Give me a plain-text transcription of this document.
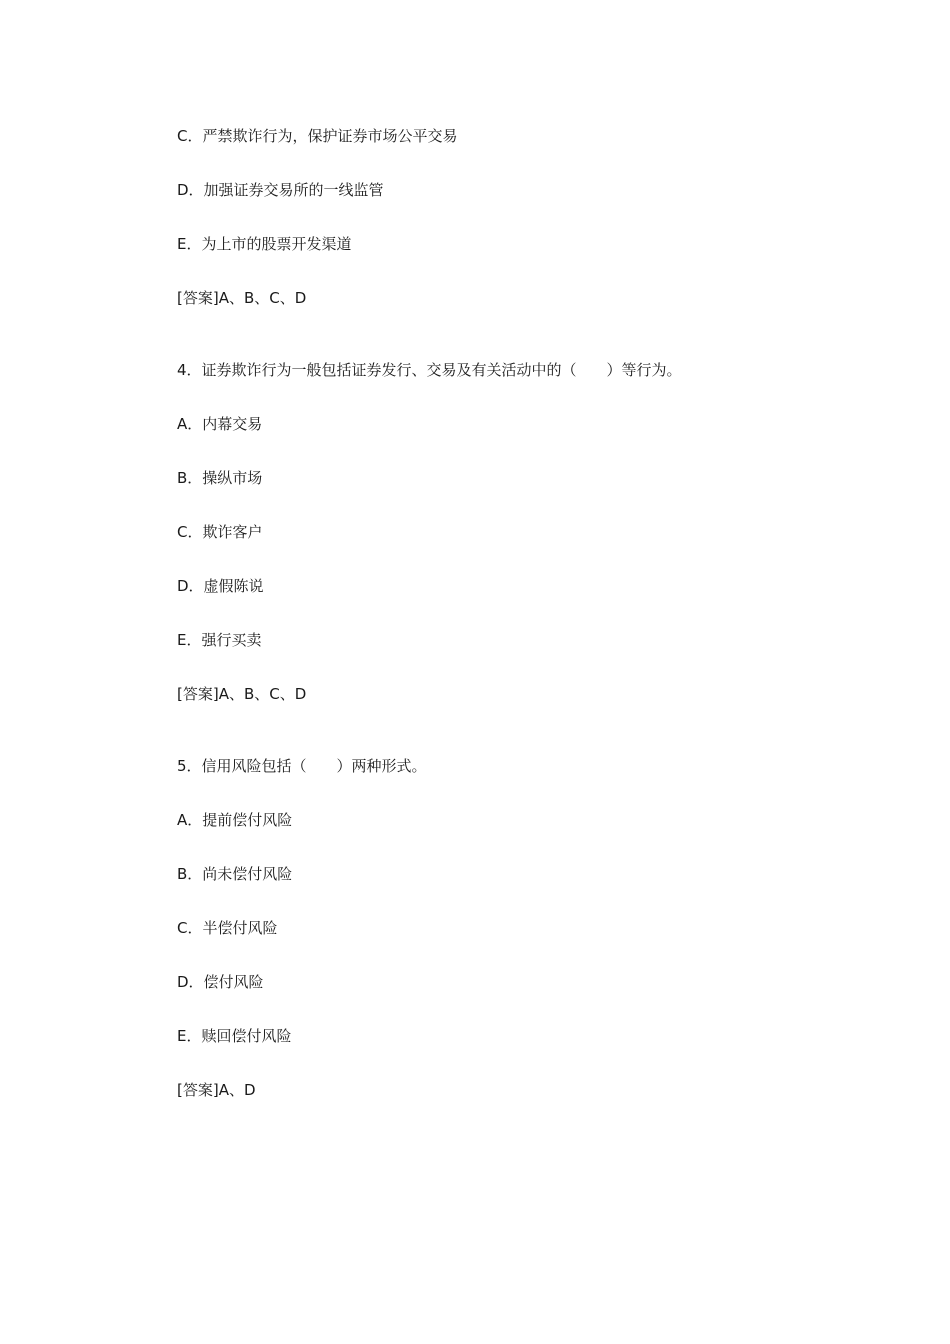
C．严禁欺诈行为，保护证券市场公平交易
D．加强证券交易所的一线监管
E．为上市的股票开发渠道
[答案]A、B、C、D
4．证券欺诈行为一般包括证券发行、交易及有关活动中的（　　）等行为。
A．内幕交易
B．操纵市场
C．欺诈客户
D．虚假陈说
E．强行买卖
[答案]A、B、C、D
5．信用风险包括（　　）两种形式。
A．提前偿付风险
B．尚未偿付风险
C．半偿付风险
D．偿付风险
E．赎回偿付风险
[答案]A、D
